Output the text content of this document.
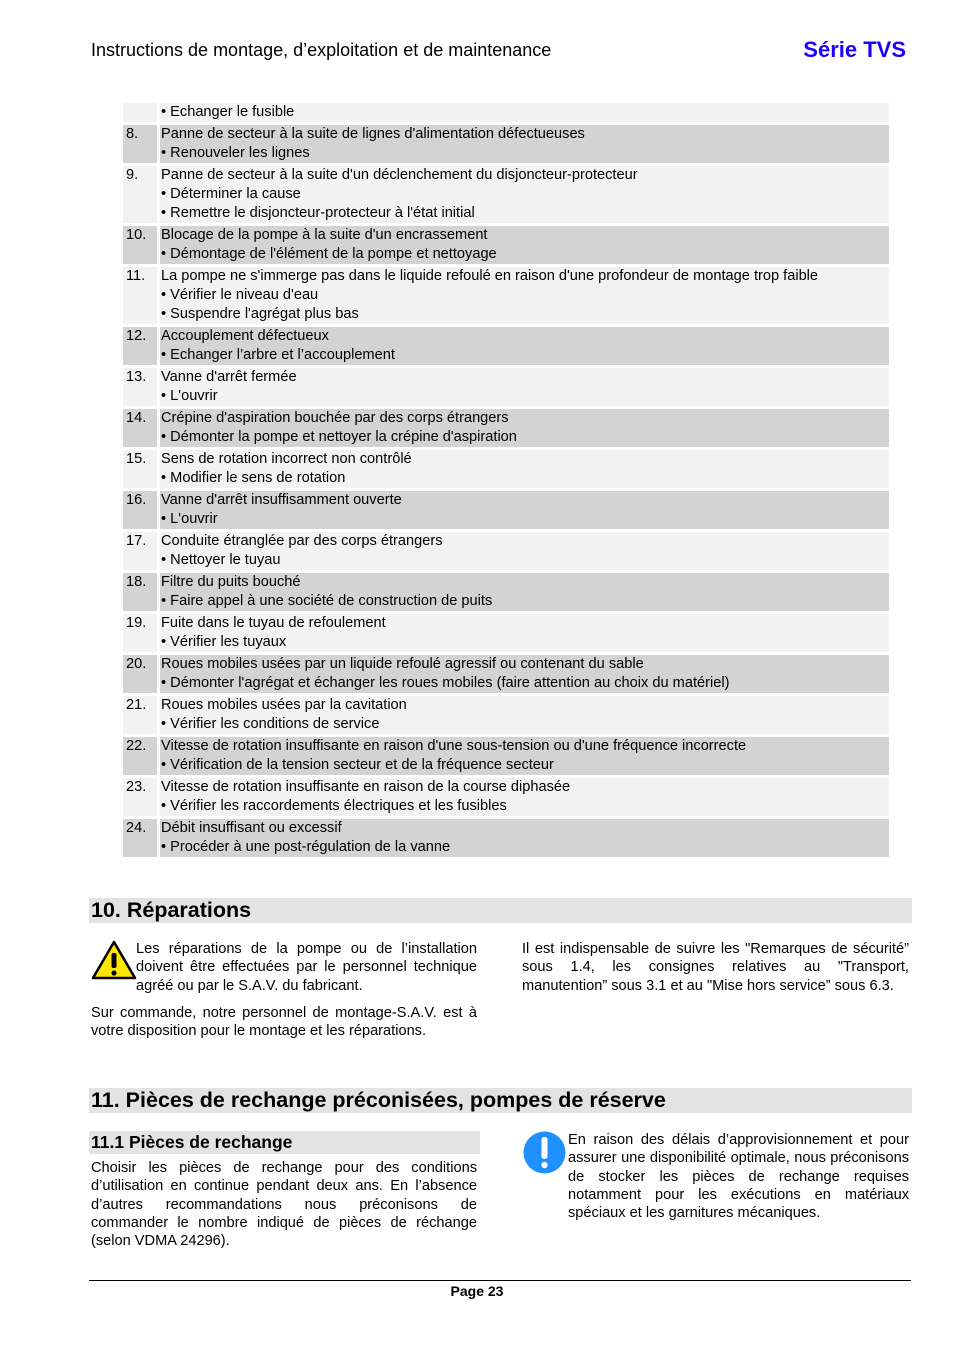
Instructions de montage, d’exploitation et de maintenance	Série TVS
• Echanger le fusible
8.	Panne de secteur à la suite de lignes d'alimentation défectueuses
• Renouveler les lignes
9.	Panne de secteur à la suite d'un déclenchement du disjoncteur-protecteur
• Déterminer la cause
• Remettre le disjoncteur-protecteur à l'état initial
10.	Blocage de la pompe à la suite d'un encrassement
• Démontage de l'élément de la pompe et nettoyage
11.	La pompe ne s'immerge pas dans le liquide refoulé en raison d'une profondeur de montage trop faible
• Vérifier le niveau d'eau
• Suspendre l'agrégat plus bas
12.	Accouplement défectueux
• Echanger l’arbre et l’accouplement
13.	Vanne d'arrêt fermée
• L'ouvrir
14.	Crépine d'aspiration bouchée par des corps étrangers
• Démonter la pompe et nettoyer la crépine d'aspiration
15.	Sens de rotation incorrect non contrôlé
• Modifier le sens de rotation
16.	Vanne d'arrêt insuffisamment ouverte
• L'ouvrir
17.	Conduite étranglée par des corps étrangers
• Nettoyer le tuyau
18.	Filtre du puits bouché
• Faire appel à une société de construction de puits
19.	Fuite dans le tuyau de refoulement
• Vérifier les tuyaux
20.	Roues mobiles usées par un liquide refoulé agressif ou contenant du sable
• Démonter l'agrégat et échanger les roues mobiles (faire attention au choix du matériel)
21.	Roues mobiles usées par la cavitation
• Vérifier les conditions de service
22.	Vitesse de rotation insuffisante en raison d'une sous-tension ou d'une fréquence incorrecte
• Vérification de la tension secteur et de la fréquence secteur
23.	Vitesse de rotation insuffisante en raison de la course diphasée
• Vérifier les raccordements électriques et les fusibles
24.	Débit insuffisant ou excessif
• Procéder à une post-régulation de la vanne
10. Réparations
Les réparations de la pompe ou de l’installation doivent être effectuées par le personnel technique agréé ou par le S.A.V. du fabricant.
Sur commande, notre personnel de montage-S.A.V. est à votre disposition pour le montage et les réparations.
Il est indispensable de suivre les "Remarques de sécurité” sous 1.4, les consignes relatives au "Transport, manutention” sous 3.1 et au "Mise hors service” sous 6.3.
11. Pièces de rechange préconisées, pompes de réserve
11.1 Pièces de rechange
Choisir les pièces de rechange pour des conditions d’utilisation en continue pendant deux ans. En l’absence d’autres recommandations nous préconisons de commander le nombre indiqué de pièces de réchange (selon VDMA 24296).
En raison des délais d’approvisionnement et pour assurer une disponibilité optimale, nous préconisons de stocker les pièces de rechange requises notamment pour les exécutions en matériaux spéciaux et les garnitures mécaniques.
Page 23
